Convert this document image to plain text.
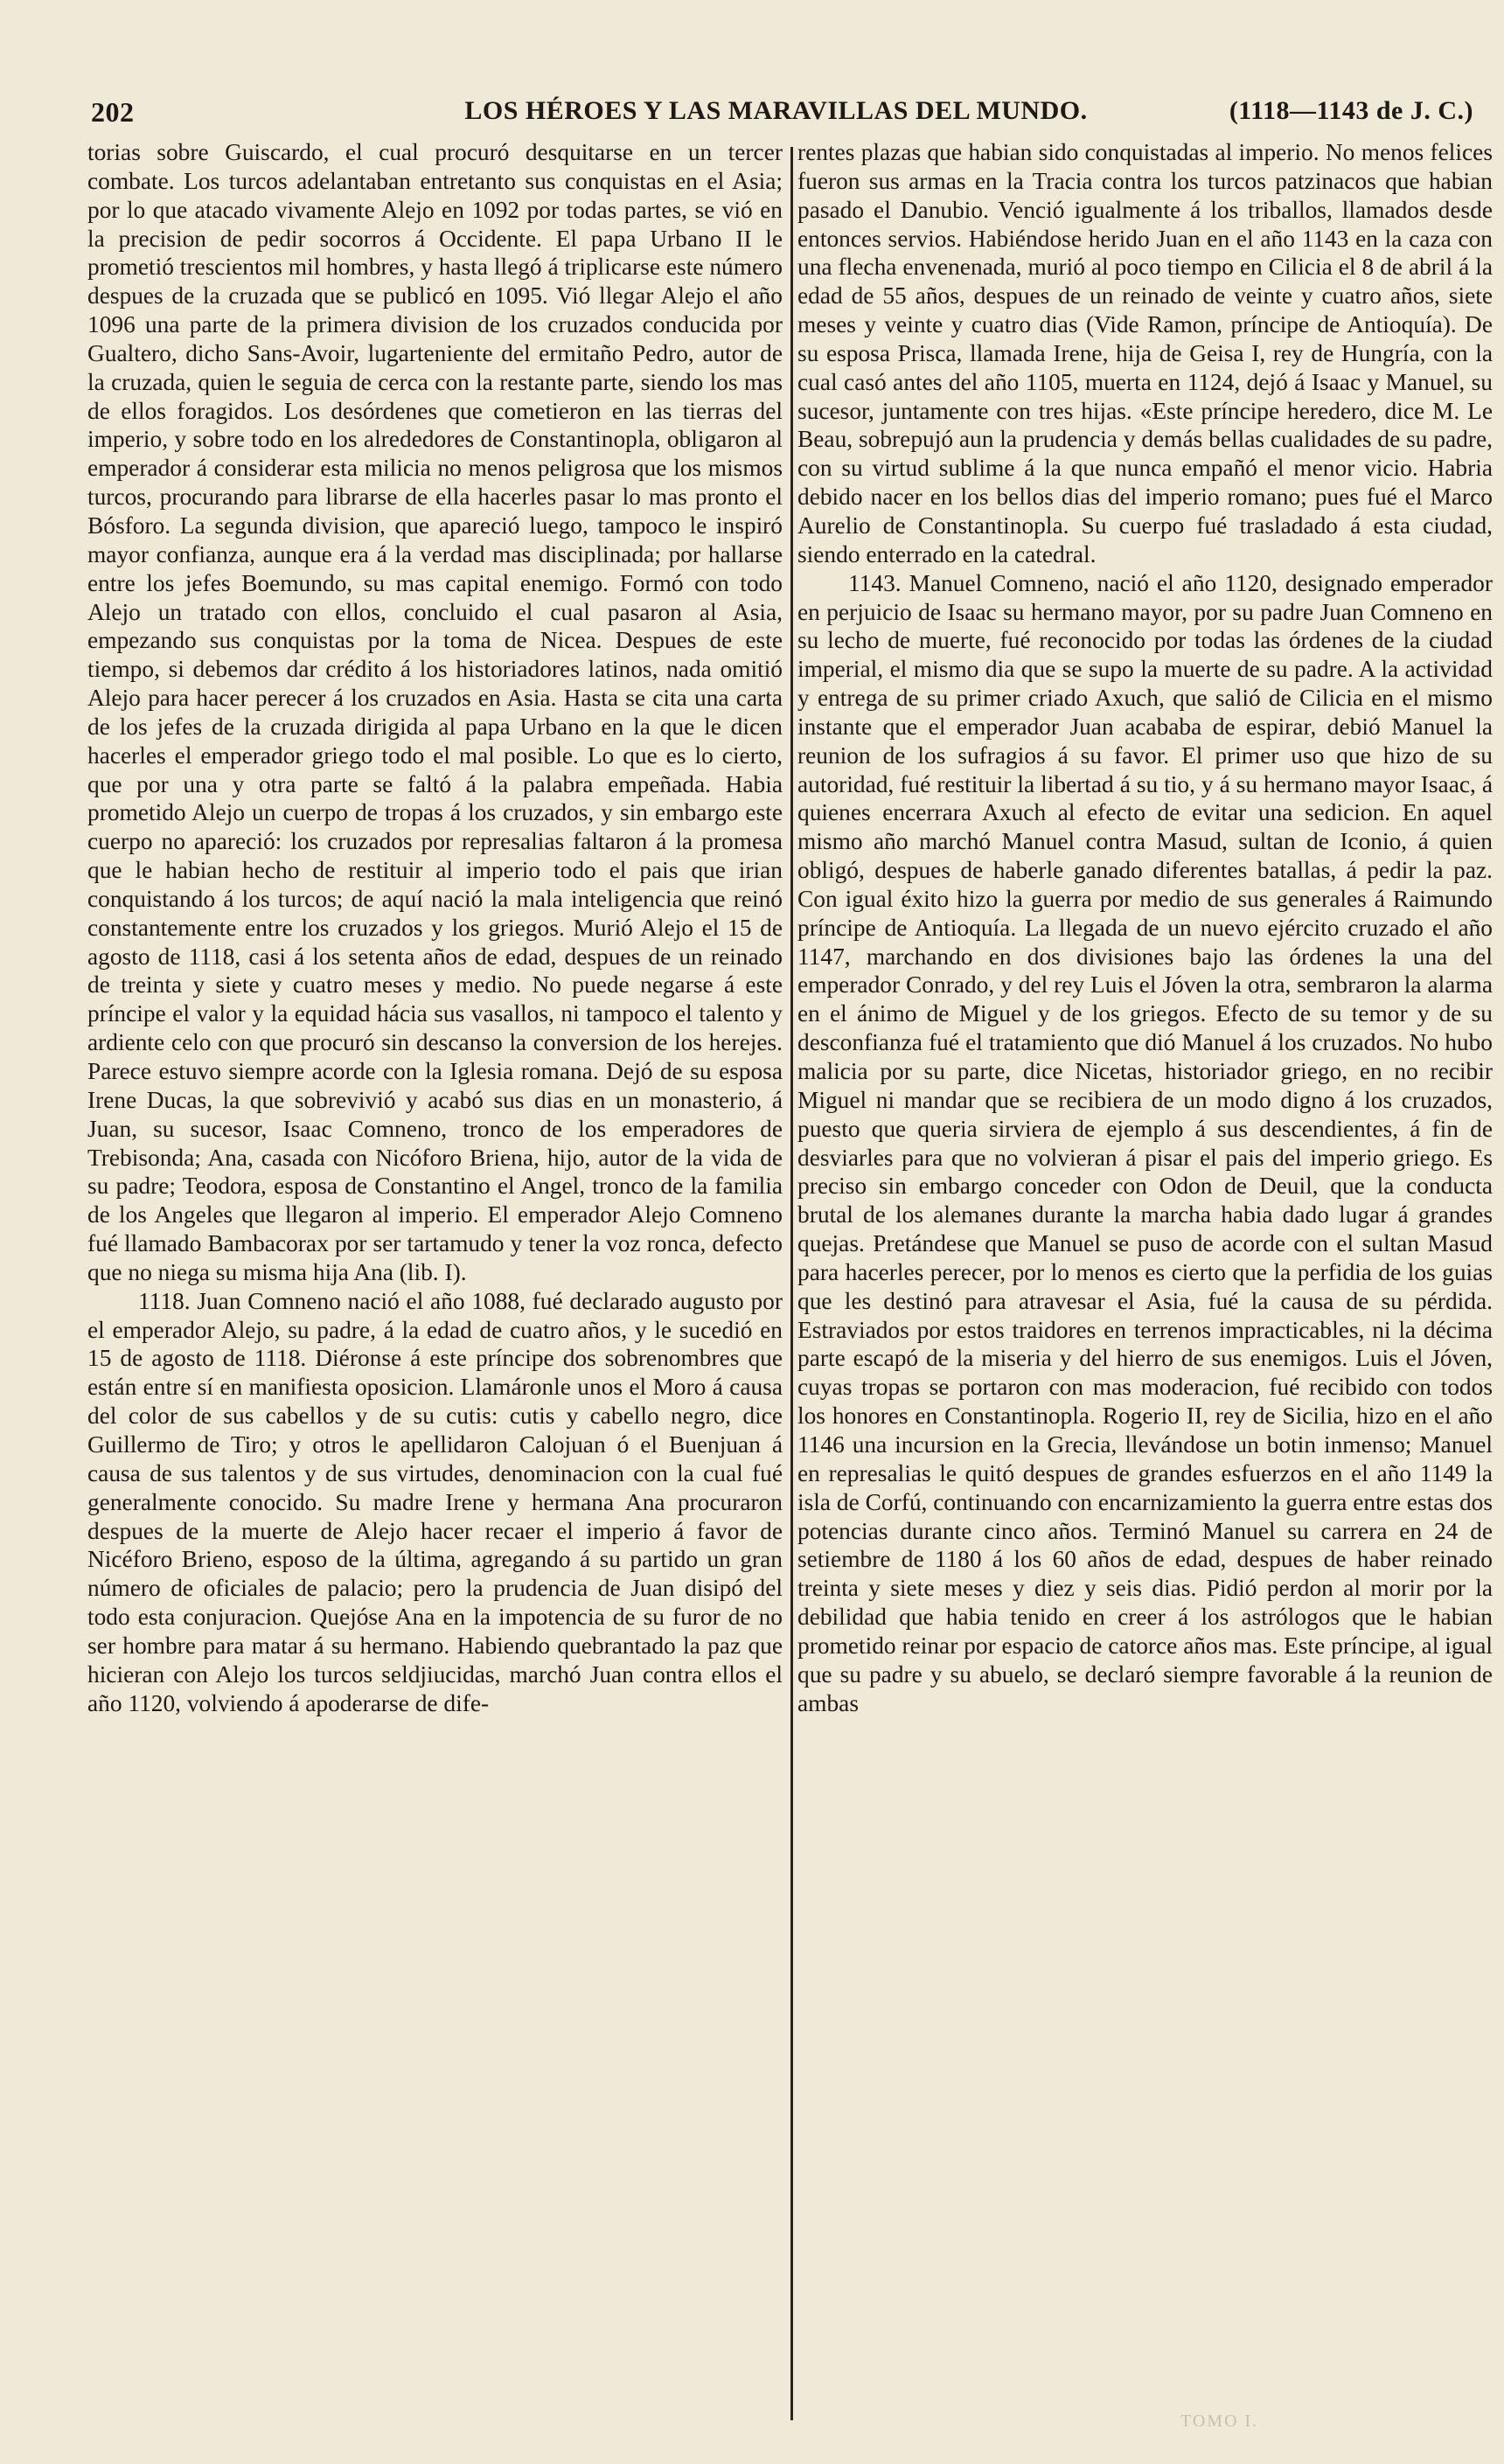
202	LOS HÉROES Y LAS MARAVILLAS DEL MUNDO.	(1118—1143 de J. C.)

torias sobre Guiscardo, el cual procuró desquitarse en un tercer combate. Los turcos adelantaban entretanto sus conquistas en el Asia; por lo que atacado vivamente Alejo en 1092 por todas partes, se vió en la precision de pedir socorros á Occidente. El papa Urbano II le prometió trescientos mil hombres, y hasta llegó á triplicarse este número despues de la cruzada que se publicó en 1095. Vió llegar Alejo el año 1096 una parte de la primera division de los cruzados conducida por Gualtero, dicho Sans-Avoir, lugarteniente del ermitaño Pedro, autor de la cruzada, quien le seguia de cerca con la restante parte, siendo los mas de ellos foragidos. Los desórdenes que cometieron en las tierras del imperio, y sobre todo en los alrededores de Constantinopla, obligaron al emperador á considerar esta milicia no menos peligrosa que los mismos turcos, procurando para librarse de ella hacerles pasar lo mas pronto el Bósforo. La segunda division, que apareció luego, tampoco le inspiró mayor confianza, aunque era á la verdad mas disciplinada; por hallarse entre los jefes Boemundo, su mas capital enemigo. Formó con todo Alejo un tratado con ellos, concluido el cual pasaron al Asia, empezando sus conquistas por la toma de Nicea. Despues de este tiempo, si debemos dar crédito á los historiadores latinos, nada omitió Alejo para hacer perecer á los cruzados en Asia. Hasta se cita una carta de los jefes de la cruzada dirigida al papa Urbano en la que le dicen hacerles el emperador griego todo el mal posible. Lo que es lo cierto, que por una y otra parte se faltó á la palabra empeñada. Habia prometido Alejo un cuerpo de tropas á los cruzados, y sin embargo este cuerpo no apareció: los cruzados por represalias faltaron á la promesa que le habian hecho de restituir al imperio todo el pais que irian conquistando á los turcos; de aquí nació la mala inteligencia que reinó constantemente entre los cruzados y los griegos. Murió Alejo el 15 de agosto de 1118, casi á los setenta años de edad, despues de un reinado de treinta y siete y cuatro meses y medio. No puede negarse á este príncipe el valor y la equidad hácia sus vasallos, ni tampoco el talento y ardiente celo con que procuró sin descanso la conversion de los herejes. Parece estuvo siempre acorde con la Iglesia romana. Dejó de su esposa Irene Ducas, la que sobrevivió y acabó sus dias en un monasterio, á Juan, su sucesor, Isaac Comneno, tronco de los emperadores de Trebisonda; Ana, casada con Nicóforo Briena, hijo, autor de la vida de su padre; Teodora, esposa de Constantino el Angel, tronco de la familia de los Angeles que llegaron al imperio. El emperador Alejo Comneno fué llamado Bambacorax por ser tartamudo y tener la voz ronca, defecto que no niega su misma hija Ana (lib. I).

1118. Juan Comneno nació el año 1088, fué declarado augusto por el emperador Alejo, su padre, á la edad de cuatro años, y le sucedió en 15 de agosto de 1118. Diéronse á este príncipe dos sobrenombres que están entre sí en manifiesta oposicion. Llamáronle unos el Moro á causa del color de sus cabellos y de su cutis: cutis y cabello negro, dice Guillermo de Tiro; y otros le apellidaron Calojuan ó el Buenjuan á causa de sus talentos y de sus virtudes, denominacion con la cual fué generalmente conocido. Su madre Irene y hermana Ana procuraron despues de la muerte de Alejo hacer recaer el imperio á favor de Nicéforo Brieno, esposo de la última, agregando á su partido un gran número de oficiales de palacio; pero la prudencia de Juan disipó del todo esta conjuracion. Quejóse Ana en la impotencia de su furor de no ser hombre para matar á su hermano. Habiendo quebrantado la paz que hicieran con Alejo los turcos seldjiucidas, marchó Juan contra ellos el año 1120, volviendo á apoderarse de dife-

rentes plazas que habian sido conquistadas al imperio. No menos felices fueron sus armas en la Tracia contra los turcos patzinacos que habian pasado el Danubio. Venció igualmente á los triballos, llamados desde entonces servios. Habiéndose herido Juan en el año 1143 en la caza con una flecha envenenada, murió al poco tiempo en Cilicia el 8 de abril á la edad de 55 años, despues de un reinado de veinte y cuatro años, siete meses y veinte y cuatro dias (Vide Ramon, príncipe de Antioquía). De su esposa Prisca, llamada Irene, hija de Geisa I, rey de Hungría, con la cual casó antes del año 1105, muerta en 1124, dejó á Isaac y Manuel, su sucesor, juntamente con tres hijas. «Este príncipe heredero, dice M. Le Beau, sobrepujó aun la prudencia y demás bellas cualidades de su padre, con su virtud sublime á la que nunca empañó el menor vicio. Habria debido nacer en los bellos dias del imperio romano; pues fué el Marco Aurelio de Constantinopla. Su cuerpo fué trasladado á esta ciudad, siendo enterrado en la catedral.

1143. Manuel Comneno, nació el año 1120, designado emperador en perjuicio de Isaac su hermano mayor, por su padre Juan Comneno en su lecho de muerte, fué reconocido por todas las órdenes de la ciudad imperial, el mismo dia que se supo la muerte de su padre. A la actividad y entrega de su primer criado Axuch, que salió de Cilicia en el mismo instante que el emperador Juan acababa de espirar, debió Manuel la reunion de los sufragios á su favor. El primer uso que hizo de su autoridad, fué restituir la libertad á su tio, y á su hermano mayor Isaac, á quienes encerrara Axuch al efecto de evitar una sedicion. En aquel mismo año marchó Manuel contra Masud, sultan de Iconio, á quien obligó, despues de haberle ganado diferentes batallas, á pedir la paz. Con igual éxito hizo la guerra por medio de sus generales á Raimundo príncipe de Antioquía. La llegada de un nuevo ejército cruzado el año 1147, marchando en dos divisiones bajo las órdenes la una del emperador Conrado, y del rey Luis el Jóven la otra, sembraron la alarma en el ánimo de Miguel y de los griegos. Efecto de su temor y de su desconfianza fué el tratamiento que dió Manuel á los cruzados. No hubo malicia por su parte, dice Nicetas, historiador griego, en no recibir Miguel ni mandar que se recibiera de un modo digno á los cruzados, puesto que queria sirviera de ejemplo á sus descendientes, á fin de desviarles para que no volvieran á pisar el pais del imperio griego. Es preciso sin embargo conceder con Odon de Deuil, que la conducta brutal de los alemanes durante la marcha habia dado lugar á grandes quejas. Pretándese que Manuel se puso de acorde con el sultan Masud para hacerles perecer, por lo menos es cierto que la perfidia de los guias que les destinó para atravesar el Asia, fué la causa de su pérdida. Estraviados por estos traidores en terrenos impracticables, ni la décima parte escapó de la miseria y del hierro de sus enemigos. Luis el Jóven, cuyas tropas se portaron con mas moderacion, fué recibido con todos los honores en Constantinopla. Rogerio II, rey de Sicilia, hizo en el año 1146 una incursion en la Grecia, llevándose un botin inmenso; Manuel en represalias le quitó despues de grandes esfuerzos en el año 1149 la isla de Corfú, continuando con encarnizamiento la guerra entre estas dos potencias durante cinco años. Terminó Manuel su carrera en 24 de setiembre de 1180 á los 60 años de edad, despues de haber reinado treinta y siete meses y diez y seis dias. Pidió perdon al morir por la debilidad que habia tenido en creer á los astrólogos que le habian prometido reinar por espacio de catorce años mas. Este príncipe, al igual que su padre y su abuelo, se declaró siempre favorable á la reunion de ambas

TOMO I.
